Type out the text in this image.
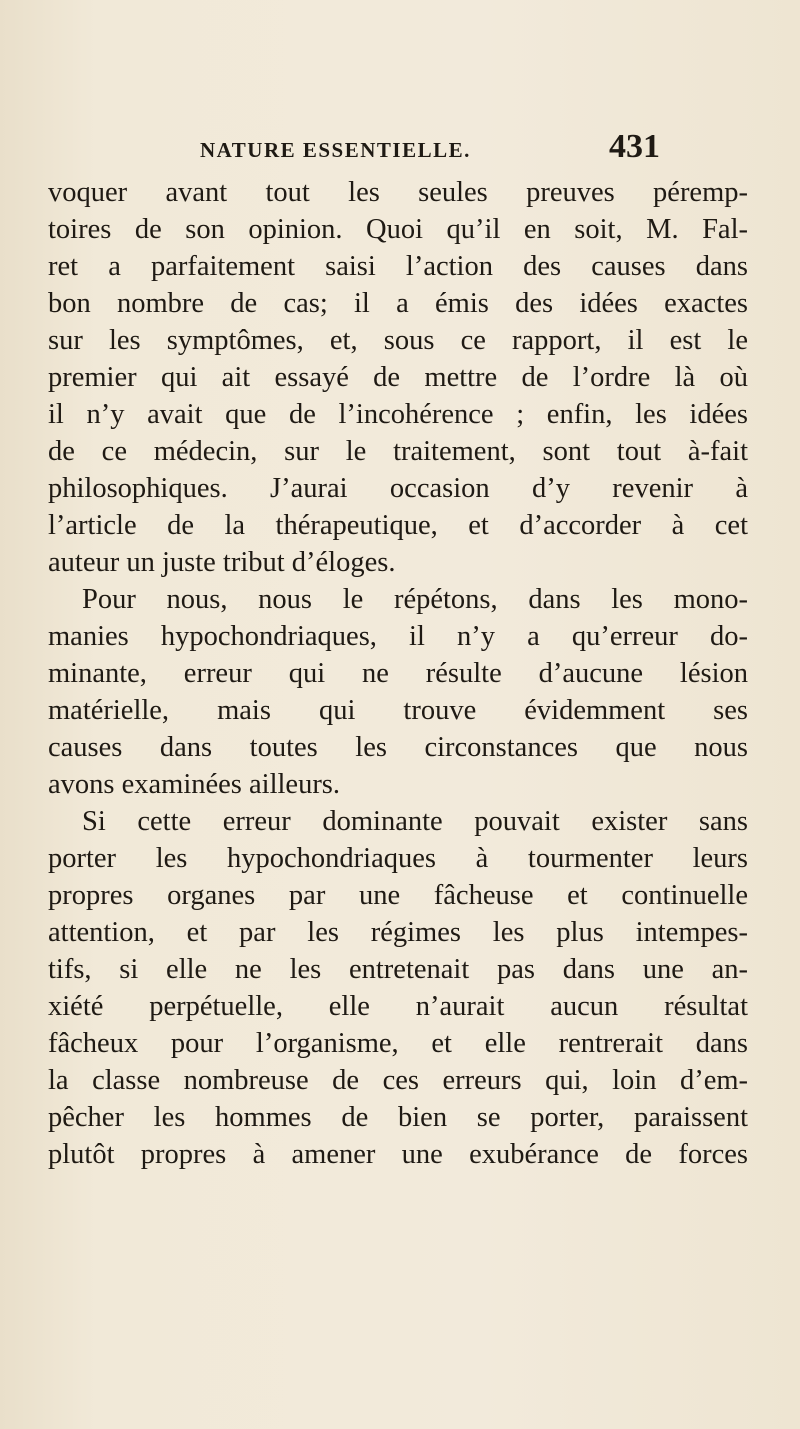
NATURE ESSENTIELLE.	431
voquer avant tout les seules preuves péremp-
toires de son opinion. Quoi qu’il en soit, M. Fal-
ret a parfaitement saisi l’action des causes dans
bon nombre de cas; il a émis des idées exactes
sur les symptômes, et, sous ce rapport, il est le
premier qui ait essayé de mettre de l’ordre là où
il n’y avait que de l’incohérence ; enfin, les idées
de ce médecin, sur le traitement, sont tout à-fait
philosophiques. J’aurai occasion d’y revenir à
l’article de la thérapeutique, et d’accorder à cet
auteur un juste tribut d’éloges.
Pour nous, nous le répétons, dans les mono-
manies hypochondriaques, il n’y a qu’erreur do-
minante, erreur qui ne résulte d’aucune lésion
matérielle, mais qui trouve évidemment ses
causes dans toutes les circonstances que nous
avons examinées ailleurs.
Si cette erreur dominante pouvait exister sans
porter les hypochondriaques à tourmenter leurs
propres organes par une fâcheuse et continuelle
attention, et par les régimes les plus intempes-
tifs, si elle ne les entretenait pas dans une an-
xiété perpétuelle, elle n’aurait aucun résultat
fâcheux pour l’organisme, et elle rentrerait dans
la classe nombreuse de ces erreurs qui, loin d’em-
pêcher les hommes de bien se porter, paraissent
plutôt propres à amener une exubérance de forces
